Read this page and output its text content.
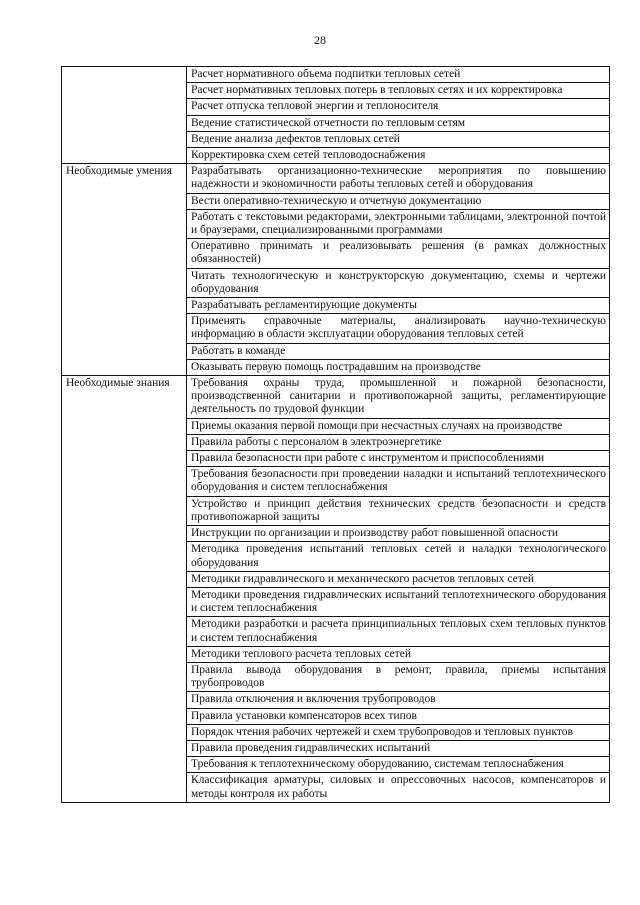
28
	Расчет нормативного объема подпитки тепловых сетей
	Расчет нормативных тепловых потерь в тепловых сетях и их корректировка
	Расчет отпуска тепловой энергии и теплоносителя
	Ведение статистической отчетности по тепловым сетям
	Ведение анализа дефектов тепловых сетей
	Корректировка схем сетей тепловодоснабжения
Необходимые умения	Разрабатывать организационно-технические мероприятия по повышению надежности и экономичности работы тепловых сетей и оборудования
	Вести оперативно-техническую и отчетную документацию
	Работать с текстовыми редакторами, электронными таблицами, электронной почтой и браузерами, специализированными программами
	Оперативно принимать и реализовывать решения (в рамках должностных обязанностей)
	Читать технологическую и конструкторскую документацию, схемы и чертежи оборудования
	Разрабатывать регламентирующие документы
	Применять справочные материалы, анализировать научно-техническую информацию в области эксплуатации оборудования тепловых сетей
	Работать в команде
	Оказывать первую помощь пострадавшим на производстве
Необходимые знания	Требования охраны труда, промышленной и пожарной безопасности, производственной санитарии и противопожарной защиты, регламентирующие деятельность по трудовой функции
	Приемы оказания первой помощи при несчастных случаях на производстве
	Правила работы с персоналом в электроэнергетике
	Правила безопасности при работе с инструментом и приспособлениями
	Требования безопасности при проведении наладки и испытаний теплотехнического оборудования и систем теплоснабжения
	Устройство и принцип действия технических средств безопасности и средств противопожарной защиты
	Инструкции по организации и производству работ повышенной опасности
	Методика проведения испытаний тепловых сетей и наладки технологического оборудования
	Методики гидравлического и механического расчетов тепловых сетей
	Методики проведения гидравлических испытаний теплотехнического оборудования и систем теплоснабжения
	Методики разработки и расчета принципиальных тепловых схем тепловых пунктов и систем теплоснабжения
	Методики теплового расчета тепловых сетей
	Правила вывода оборудования в ремонт, правила, приемы испытания трубопроводов
	Правила отключения и включения трубопроводов
	Правила установки компенсаторов всех типов
	Порядок чтения рабочих чертежей и схем трубопроводов и тепловых пунктов
	Правила проведения гидравлических испытаний
	Требования к теплотехническому оборудованию, системам теплоснабжения
	Классификация арматуры, силовых и опрессовочных насосов, компенсаторов и методы контроля их работы
